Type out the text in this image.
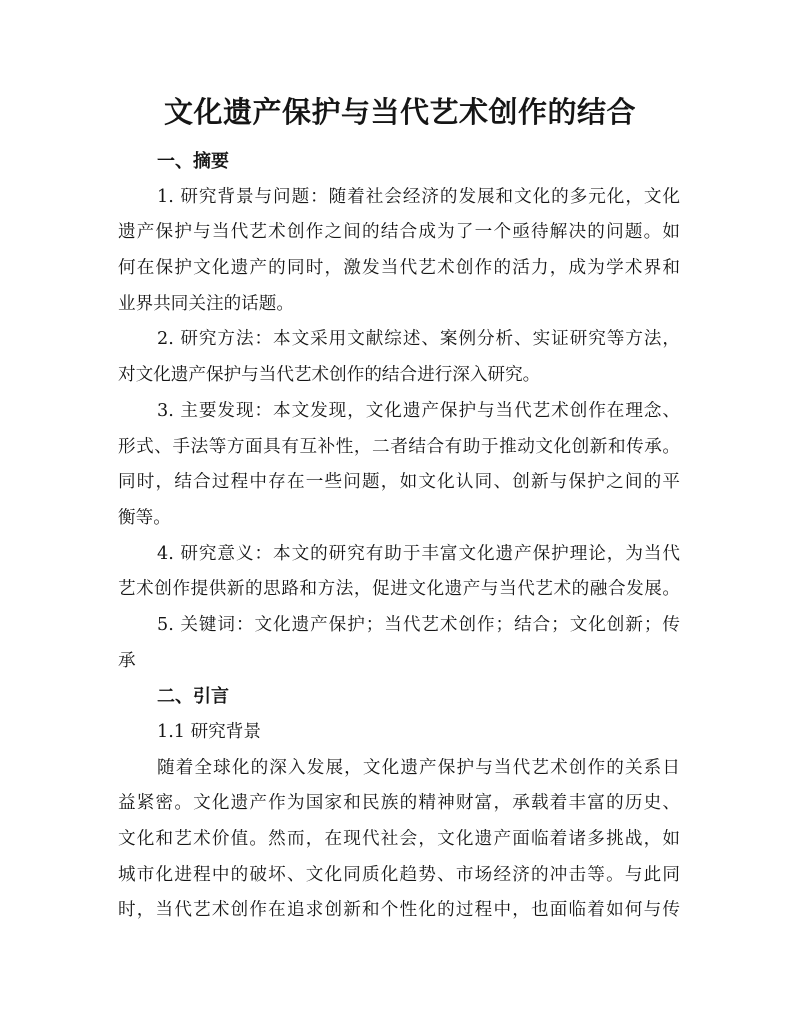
文化遗产保护与当代艺术创作的结合
一、摘要
1. 研究背景与问题：随着社会经济的发展和文化的多元化，文化
遗产保护与当代艺术创作之间的结合成为了一个亟待解决的问题。如
何在保护文化遗产的同时，激发当代艺术创作的活力，成为学术界和
业界共同关注的话题。
2. 研究方法：本文采用文献综述、案例分析、实证研究等方法，
对文化遗产保护与当代艺术创作的结合进行深入研究。
3. 主要发现：本文发现，文化遗产保护与当代艺术创作在理念、
形式、手法等方面具有互补性，二者结合有助于推动文化创新和传承。
同时，结合过程中存在一些问题，如文化认同、创新与保护之间的平
衡等。
4. 研究意义：本文的研究有助于丰富文化遗产保护理论，为当代
艺术创作提供新的思路和方法，促进文化遗产与当代艺术的融合发展。
5. 关键词：文化遗产保护；当代艺术创作；结合；文化创新；传
承
二、引言
1.1 研究背景
随着全球化的深入发展，文化遗产保护与当代艺术创作的关系日
益紧密。文化遗产作为国家和民族的精神财富，承载着丰富的历史、
文化和艺术价值。然而，在现代社会，文化遗产面临着诸多挑战，如
城市化进程中的破坏、文化同质化趋势、市场经济的冲击等。与此同
时，当代艺术创作在追求创新和个性化的过程中，也面临着如何与传
